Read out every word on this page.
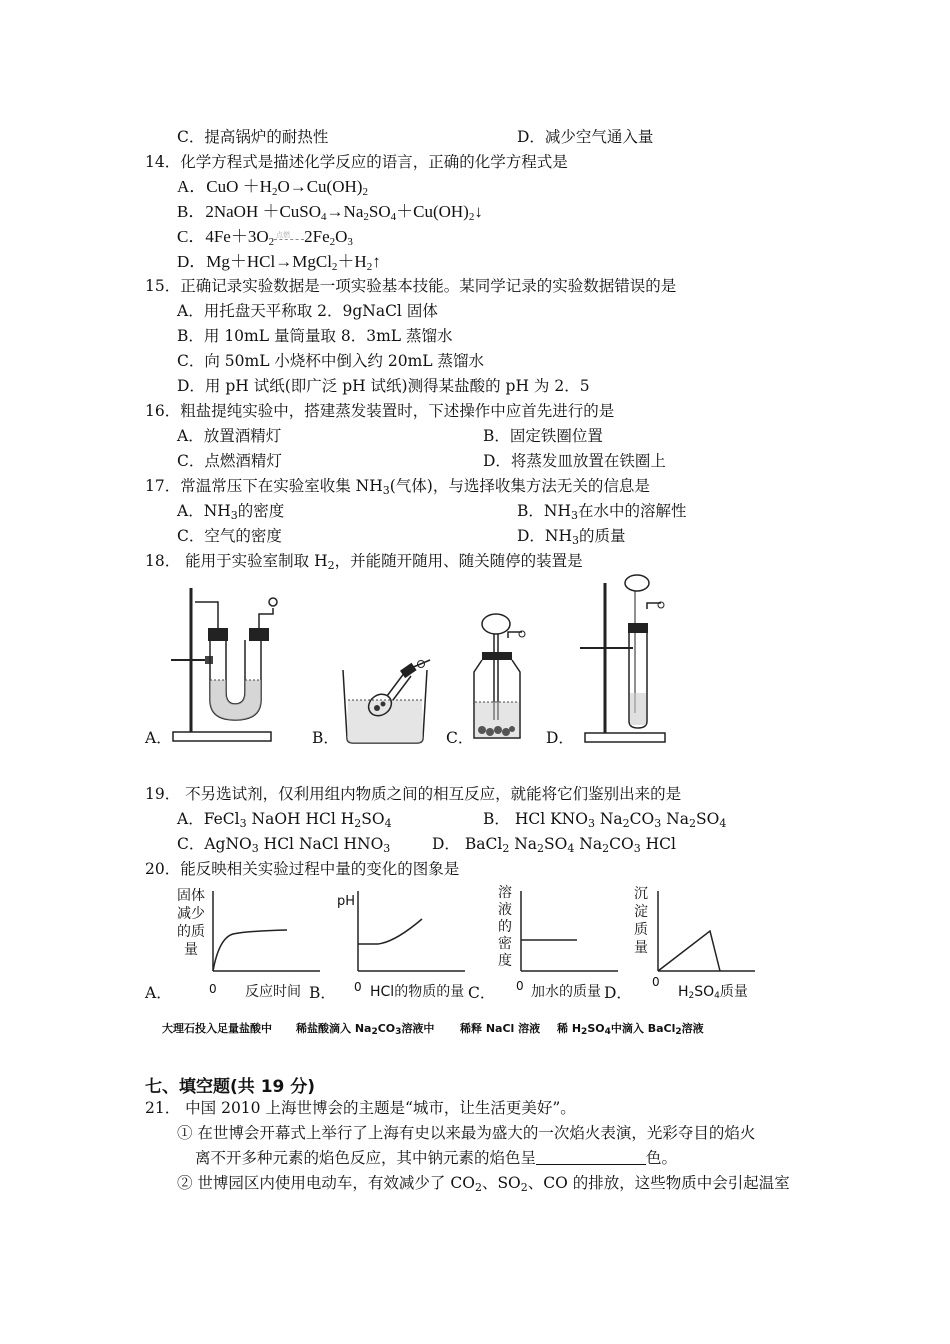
C．提高锅炉的耐热性	D．减少空气通入量
14．化学方程式是描述化学反应的语言，正确的化学方程式是
A．CuO $+H_2O\to Cu(OH)_2$
B．2NaOH $+CuSO_4\to Na_2SO_4+Cu(OH)_2↓$
C．$4Fe+3O_2$
点燃 $2Fe_2O_3$
D．$Mg+HCl\to MgCl_2+H_2↑$
15．正确记录实验数据是一项实验基本技能。某同学记录的实验数据错误的是
A．用托盘天平称取 2．9gNaCl 固体
B．用 10mL 量筒量取 8．3mL 蒸馏水
C．向 50mL 小烧杯中倒入约 20mL 蒸馏水
D．用 pH 试纸(即广泛 pH 试纸)测得某盐酸的 pH 为 2．5
16．粗盐提纯实验中，搭建蒸发装置时，下述操作中应首先进行的是
A．放置酒精灯	B．固定铁圈位置
C．点燃酒精灯	D．将蒸发皿放置在铁圈上
17．常温常压下在实验室收集 $NH_3$(气体)，与选择收集方法无关的信息是
A．$NH_3$的密度	B．$NH_3$在水中的溶解性
C．空气的密度	D．$NH_3$的质量
18． 能用于实验室制取 $H_2$，并能随开随用、随关随停的装置是
A．	B．	C．	D．
19． 不另选试剂，仅利用组内物质之间的相互反应，就能将它们鉴别出来的是
A．FeCl$_3$ NaOH HCl $H_2SO_4$	B． HCl $KNO_3$ $Na_2CO_3$ $Na_2SO_4$
C．AgNO$_3$ HCl NaCl $HNO_3$	D． BaCl$_2$ $Na_2SO_4$ $Na_2CO_3$ HCl
20．能反映相关实验过程中量的变化的图象是
固体
减少
的质
量
A．	0 反应时间
pH
B． 0 HCl的物质的量
溶
液
的
密
度
C． 0 加水的质量
沉
淀
质
量
D．
0
H2SO4质量
大理石投入足量盐酸中 稀盐酸滴入 Na2CO3溶液中 稀释 NaCl 溶液 稀 H2SO4中滴入 BaCl2溶液
七、填空题(共 19 分)
21． 中国 2010 上海世博会的主题是“城市，让生活更美好”。
① 在世博会开幕式上举行了上海有史以来最为盛大的一次焰火表演，光彩夺目的焰火
离不开多种元素的焰色反应，其中钠元素的焰色呈	色。
② 世博园区内使用电动车，有效减少了 $CO_2$、$SO_2$、CO 的排放，这些物质中会引起温室
